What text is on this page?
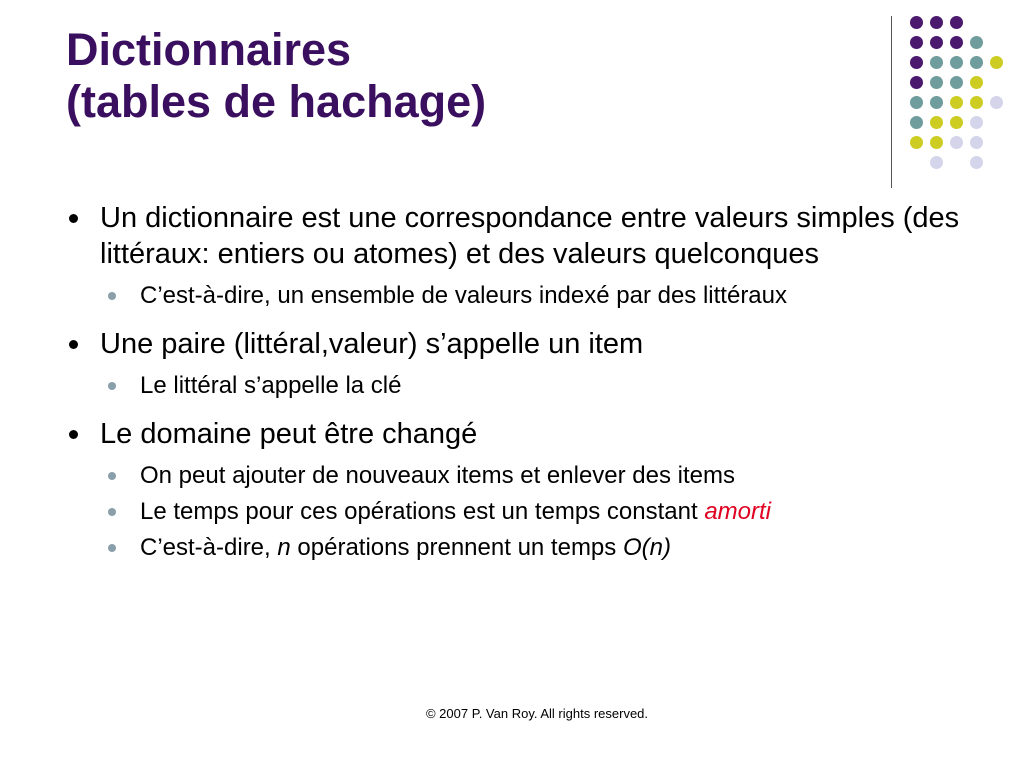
Dictionnaires
(tables de hachage)
Un dictionnaire est une correspondance entre valeurs simples (des littéraux: entiers ou atomes) et des valeurs quelconques
C’est-à-dire, un ensemble de valeurs indexé par des littéraux
Une paire (littéral,valeur) s’appelle un item
Le littéral s’appelle la clé
Le domaine peut être changé
On peut ajouter de nouveaux items et enlever des items
Le temps pour ces opérations est un temps constant amorti
C’est-à-dire, n opérations prennent un temps O(n)
© 2007 P. Van Roy. All rights reserved.
